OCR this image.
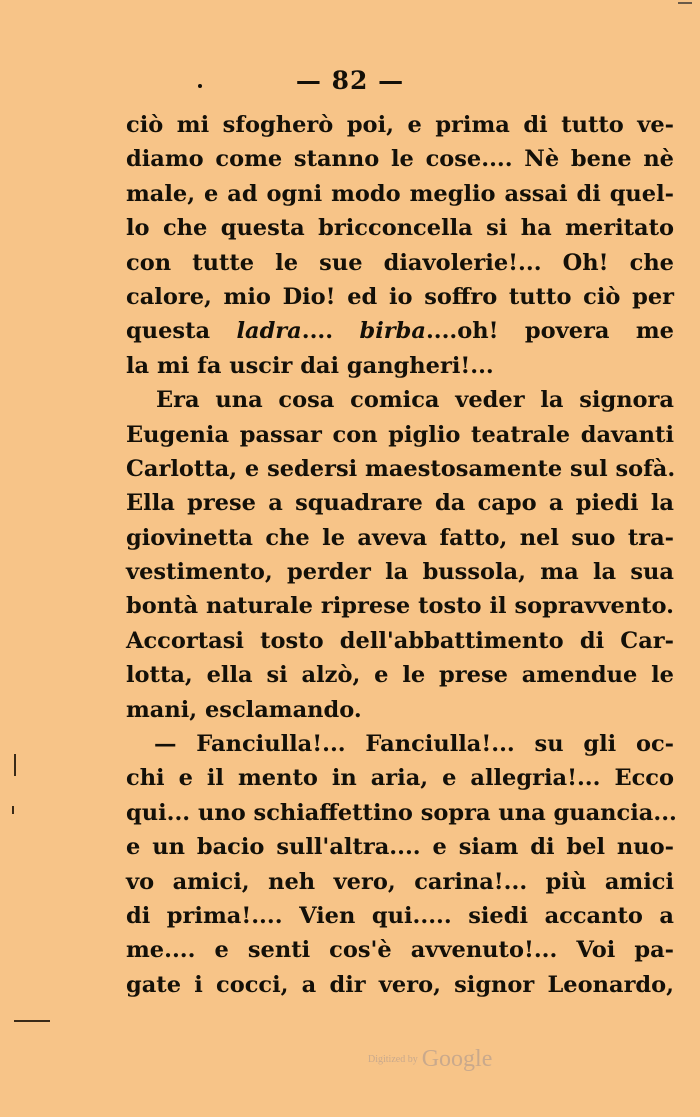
— 82 —
ciò mi sfogherò poi, e prima di tutto ve-
diamo come stanno le cose.... Nè bene nè
male, e ad ogni modo meglio assai di quel-
lo che questa bricconcella si ha meritato
con tutte le sue diavolerie!... Oh! che
calore, mio Dio! ed io soffro tutto ciò per
questa ladra.... birba....oh! povera me
la mi fa uscir dai gangheri!...
Era una cosa comica veder la signora
Eugenia passar con piglio teatrale davanti
Carlotta, e sedersi maestosamente sul sofà.
Ella prese a squadrare da capo a piedi la
giovinetta che le aveva fatto, nel suo tra-
vestimento, perder la bussola, ma la sua
bontà naturale riprese tosto il sopravvento.
Accortasi tosto dell'abbattimento di Car-
lotta, ella si alzò, e le prese amendue le
mani, esclamando.
— Fanciulla!... Fanciulla!... su gli oc-
chi e il mento in aria, e allegria!... Ecco
qui... uno schiaffettino sopra una guancia...
e un bacio sull'altra.... e siam di bel nuo-
vo amici, neh vero, carina!... più amici
di prima!.... Vien qui..... siedi accanto a
me.... e senti cos'è avvenuto!... Voi pa-
gate i cocci, a dir vero, signor Leonardo,
Digitized by Google
